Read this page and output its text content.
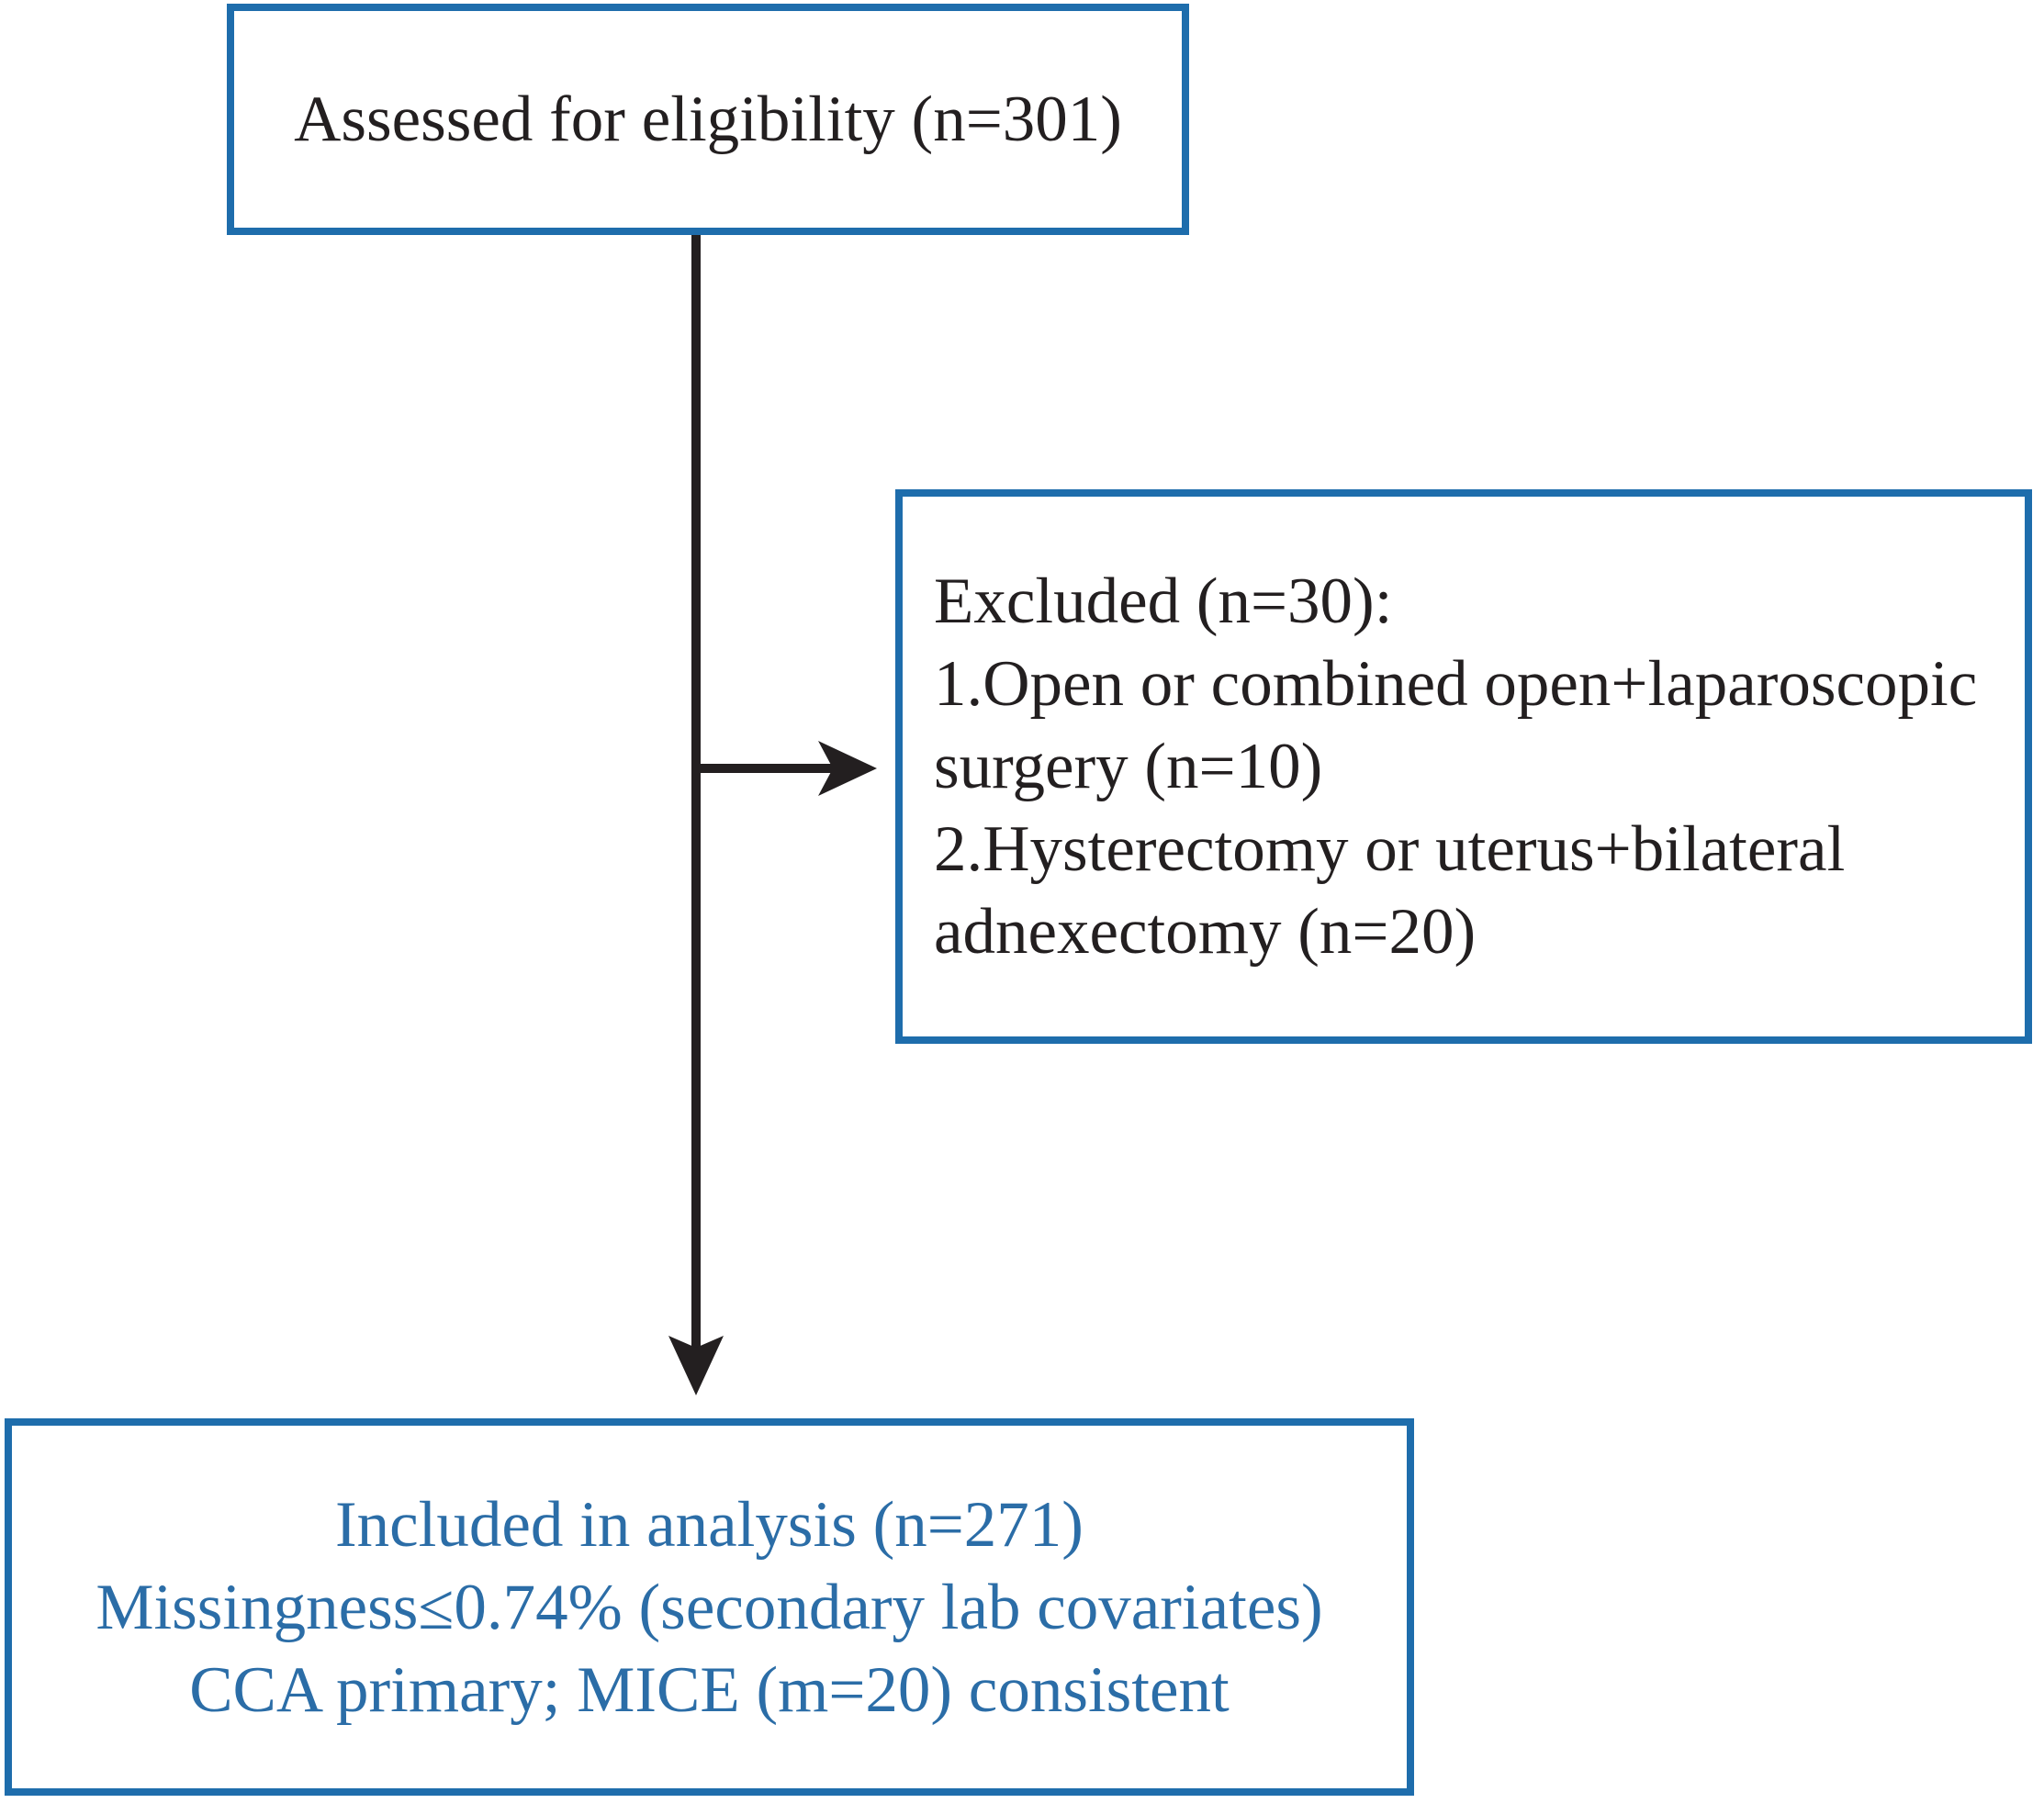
Assessed for eligibility (n=301)
Excluded (n=30):
1.Open or combined open+laparoscopic surgery (n=10)
2.Hysterectomy or uterus+bilateral adnexectomy (n=20)
Included in analysis (n=271)
Missingness≤0.74% (secondary lab covariates)
CCA primary; MICE (m=20) consistent
